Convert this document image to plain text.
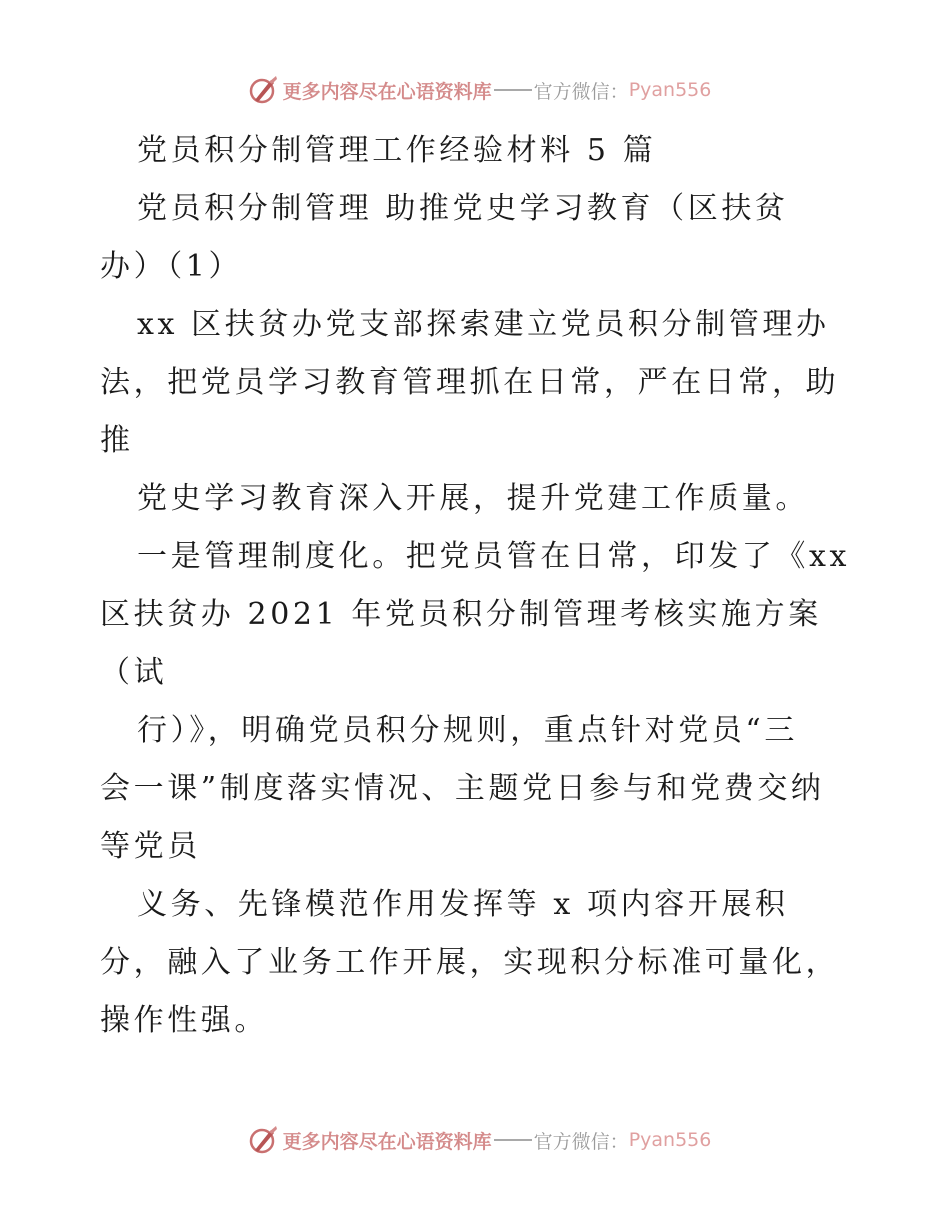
更多内容尽在心语资料库 官方微信： Pyan556
党员积分制管理工作经验材料 5 篇
党员积分制管理 助推党史学习教育（区扶贫
办）（1）
xx 区扶贫办党支部探索建立党员积分制管理办
法，把党员学习教育管理抓在日常，严在日常，助
推
党史学习教育深入开展，提升党建工作质量。
一是管理制度化。把党员管在日常，印发了《xx
区扶贫办 2021 年党员积分制管理考核实施方案
（试
行）》，明确党员积分规则，重点针对党员“三
会一课”制度落实情况、主题党日参与和党费交纳
等党员
义务、先锋模范作用发挥等 x 项内容开展积
分，融入了业务工作开展，实现积分标准可量化，
操作性强。
更多内容尽在心语资料库 官方微信： Pyan556
